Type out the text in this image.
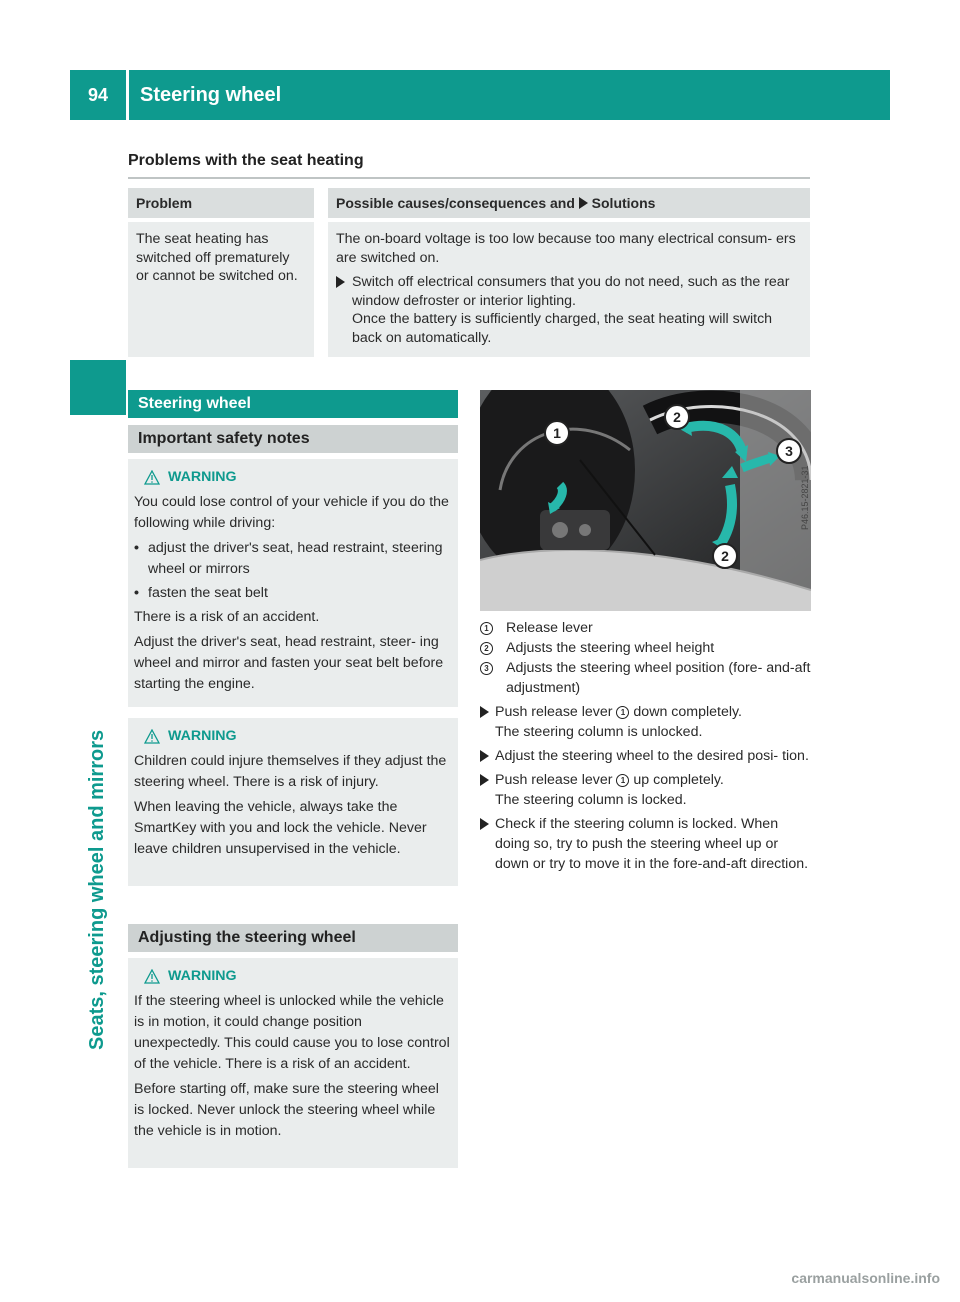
94	Steering wheel
Seats, steering wheel and mirrors
Problems with the seat heating
Problem	Possible causes/consequences and Solutions

The seat heating has switched off prematurely or cannot be switched on.	The on-board voltage is too low because too many electrical consum- ers are switched on.
Switch off electrical consumers that you do not need, such as the rear window defroster or interior lighting.
Once the battery is sufficiently charged, the seat heating will switch back on automatically.
Steering wheel
Important safety notes
WARNING

You could lose control of your vehicle if you do the following while driving:

• adjust the driver's seat, head restraint, steering wheel or mirrors
• fasten the seat belt

There is a risk of an accident.

Adjust the driver's seat, head restraint, steer- ing wheel and mirror and fasten your seat belt before starting the engine.

WARNING

Children could injure themselves if they adjust the steering wheel. There is a risk of injury.

When leaving the vehicle, always take the SmartKey with you and lock the vehicle. Never leave children unsupervised in the vehicle.

Adjusting the steering wheel
WARNING

If the steering wheel is unlocked while the vehicle is in motion, it could change position unexpectedly. This could cause you to lose control of the vehicle. There is a risk of an accident.

Before starting off, make sure the steering wheel is locked. Never unlock the steering wheel while the vehicle is in motion.

1
2
3
2
P46.15-2821-31
1	Release lever
2	Adjusts the steering wheel height
3	Adjusts the steering wheel position (fore- and-aft adjustment)
Push release lever 1 down completely.
The steering column is unlocked.
Adjust the steering wheel to the desired posi- tion.
Push release lever 1 up completely.
The steering column is locked.
Check if the steering column is locked. When doing so, try to push the steering wheel up or down or try to move it in the fore-and-aft direction.
carmanualsonline.info
